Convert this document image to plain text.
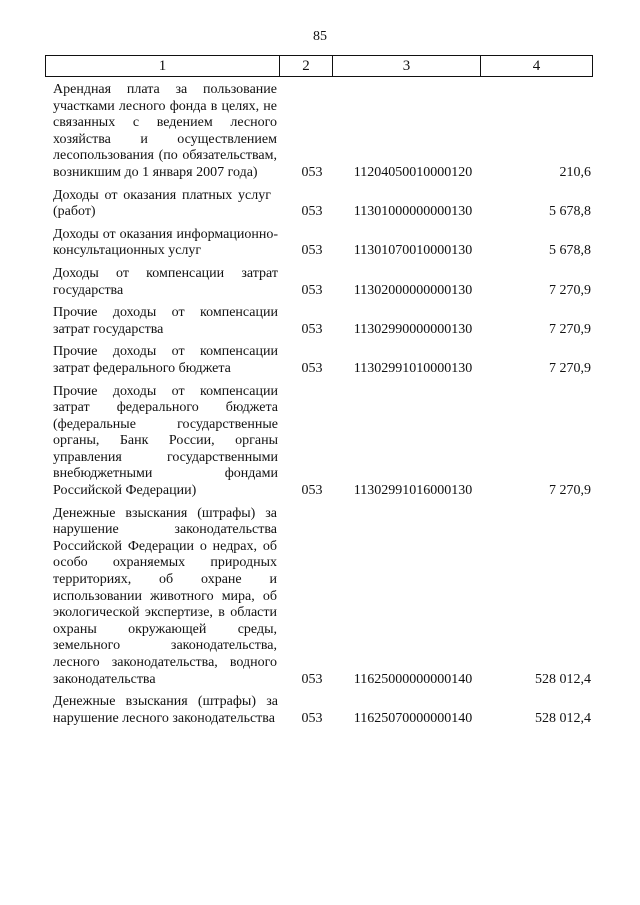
85
1	2	3	4
Арендная плата за пользование участками лесного фонда в целях, не связанных с ведением лесного хозяйства и осуществлением лесопользования (по обязательствам, возникшим до 1 января 2007 года)	053	11204050010000120	210,6
Доходы от оказания платных услуг (работ)	053	11301000000000130	5 678,8
Доходы от оказания информационно-консультационных услуг	053	11301070010000130	5 678,8
Доходы от компенсации затрат государства	053	11302000000000130	7 270,9
Прочие доходы от компенсации затрат государства	053	11302990000000130	7 270,9
Прочие доходы от компенсации затрат федерального бюджета	053	11302991010000130	7 270,9
Прочие доходы от компенсации затрат федерального бюджета (федеральные государственные органы, Банк России, органы управления государственными внебюджетными фондами Российской Федерации)	053	11302991016000130	7 270,9
Денежные взыскания (штрафы) за нарушение законодательства Российской Федерации о недрах, об особо охраняемых природных территориях, об охране и использовании животного мира, об экологической экспертизе, в области охраны окружающей среды, земельного законодательства, лесного законодательства, водного законодательства	053	11625000000000140	528 012,4
Денежные взыскания (штрафы) за нарушение лесного законодательства	053	11625070000000140	528 012,4
